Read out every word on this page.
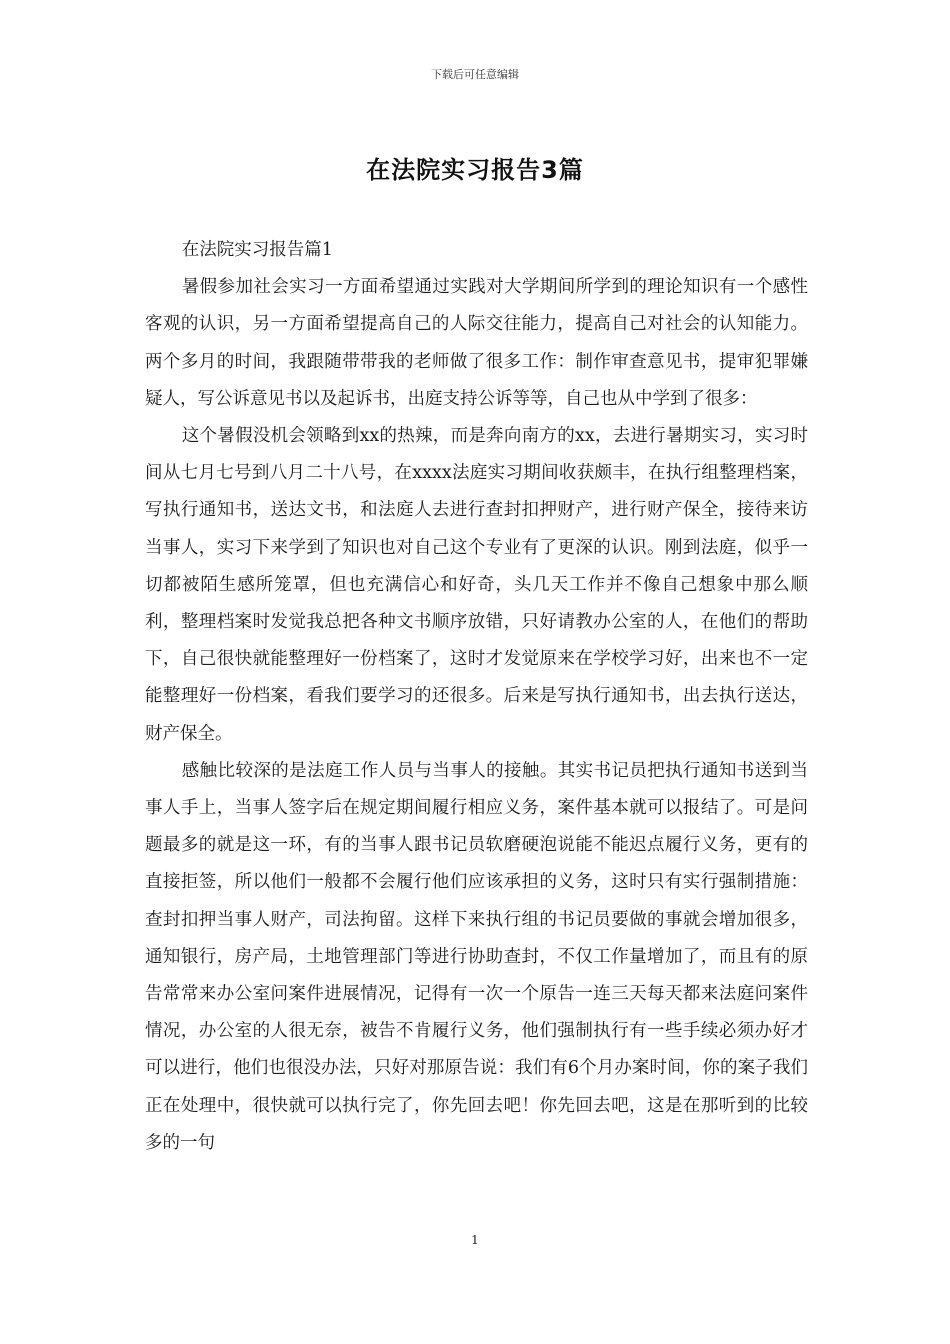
下载后可任意编辑
在法院实习报告3篇

在法院实习报告篇1

暑假参加社会实习一方面希望通过实践对大学期间所学到的理论知识有一个感性客观的认识，另一方面希望提高自己的人际交往能力，提高自己对社会的认知能力。两个多月的时间，我跟随带带我的老师做了很多工作：制作审查意见书，提审犯罪嫌疑人，写公诉意见书以及起诉书，出庭支持公诉等等，自己也从中学到了很多：

这个暑假没机会领略到xx的热辣，而是奔向南方的xx，去进行暑期实习，实习时间从七月七号到八月二十八号，在xxxx法庭实习期间收获颇丰，在执行组整理档案，写执行通知书，送达文书，和法庭人去进行查封扣押财产，进行财产保全，接待来访当事人，实习下来学到了知识也对自己这个专业有了更深的认识。刚到法庭，似乎一切都被陌生感所笼罩，但也充满信心和好奇，头几天工作并不像自己想象中那么顺利，整理档案时发觉我总把各种文书顺序放错，只好请教办公室的人，在他们的帮助下，自己很快就能整理好一份档案了，这时才发觉原来在学校学习好，出来也不一定能整理好一份档案，看我们要学习的还很多。后来是写执行通知书，出去执行送达，财产保全。

感触比较深的是法庭工作人员与当事人的接触。其实书记员把执行通知书送到当事人手上，当事人签字后在规定期间履行相应义务，案件基本就可以报结了。可是问题最多的就是这一环，有的当事人跟书记员软磨硬泡说能不能迟点履行义务，更有的直接拒签，所以他们一般都不会履行他们应该承担的义务，这时只有实行强制措施：查封扣押当事人财产，司法拘留。这样下来执行组的书记员要做的事就会增加很多，通知银行，房产局，土地管理部门等进行协助查封，不仅工作量增加了，而且有的原告常常来办公室问案件进展情况，记得有一次一个原告一连三天每天都来法庭问案件情况，办公室的人很无奈，被告不肯履行义务，他们强制执行有一些手续必须办好才可以进行，他们也很没办法，只好对那原告说：我们有6个月办案时间，你的案子我们正在处理中，很快就可以执行完了，你先回去吧！你先回去吧，这是在那听到的比较多的一句

1
